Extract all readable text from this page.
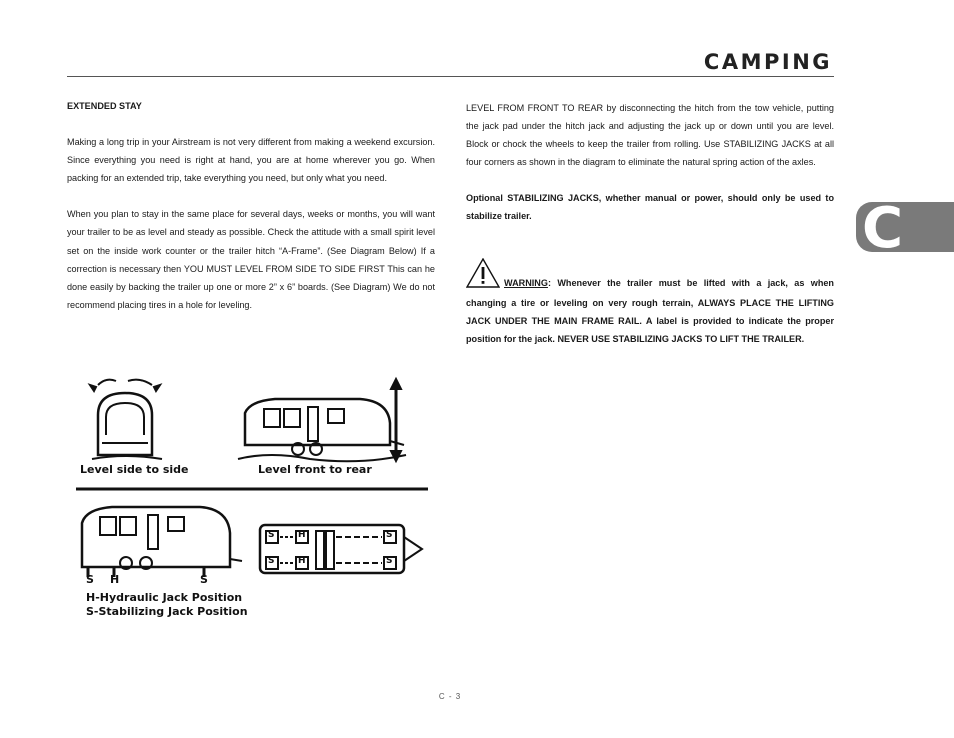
CAMPING
C

EXTENDED STAY

Making a long trip in your Airstream is not very different from making a weekend excursion. Since everything you need is right at hand, you are at home wherever you go. When packing for an extended trip, take everything you need, but only what you need.

When you plan to stay in the same place for several days, weeks or months, you will want your trailer to be as level and steady as possible. Check the attitude with a small spirit level set on the inside work counter or the trailer hitch “A-Frame”. (See Diagram Below) If a correction is necessary then YOU MUST LEVEL FROM SIDE TO SIDE FIRST This can he done easily by backing the trailer up one or more 2” x 6” boards. (See Diagram) We do not recommend placing tires in a hole for leveling.

LEVEL FROM FRONT TO REAR by disconnecting the hitch from the tow vehicle, putting the jack pad under the hitch jack and adjusting the jack up or down until you are level. Block or chock the wheels to keep the trailer from rolling. Use STABILIZING JACKS at all four corners as shown in the diagram to eliminate the natural spring action of the axles.

Optional STABILIZING JACKS, whether manual or power, should only be used to stabilize trailer.

WARNING: Whenever the trailer must be lifted with a jack, as when changing a tire or leveling on very rough terrain, ALWAYS PLACE THE LIFTING JACK UNDER THE MAIN FRAME RAIL. A label is provided to indicate the proper position for the jack. NEVER USE STABILIZING JACKS TO LIFT THE TRAILER.

Level side to side	Level front to rear
S H	S
H-Hydraulic Jack Position
S-Stabilizing Jack Position
S
S
H
H
S
S
C - 3
